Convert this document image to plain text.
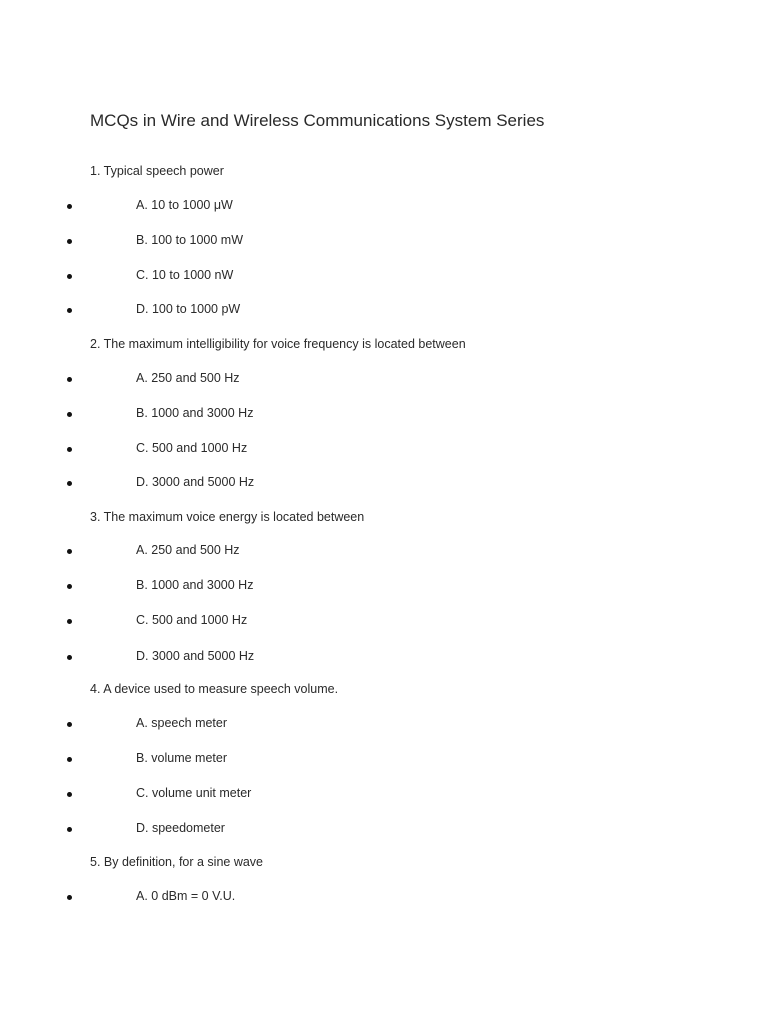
MCQs in Wire and Wireless Communications System Series
1. Typical speech power
A. 10 to 1000 μW
B. 100 to 1000 mW
C. 10 to 1000 nW
D. 100 to 1000 pW
2. The maximum intelligibility for voice frequency is located between
A. 250 and 500 Hz
B. 1000 and 3000 Hz
C. 500 and 1000 Hz
D. 3000 and 5000 Hz
3. The maximum voice energy is located between
A. 250 and 500 Hz
B. 1000 and 3000 Hz
C. 500 and 1000 Hz
D. 3000 and 5000 Hz
4. A device used to measure speech volume.
A. speech meter
B. volume meter
C. volume unit meter
D. speedometer
5. By definition, for a sine wave
A. 0 dBm = 0 V.U.
